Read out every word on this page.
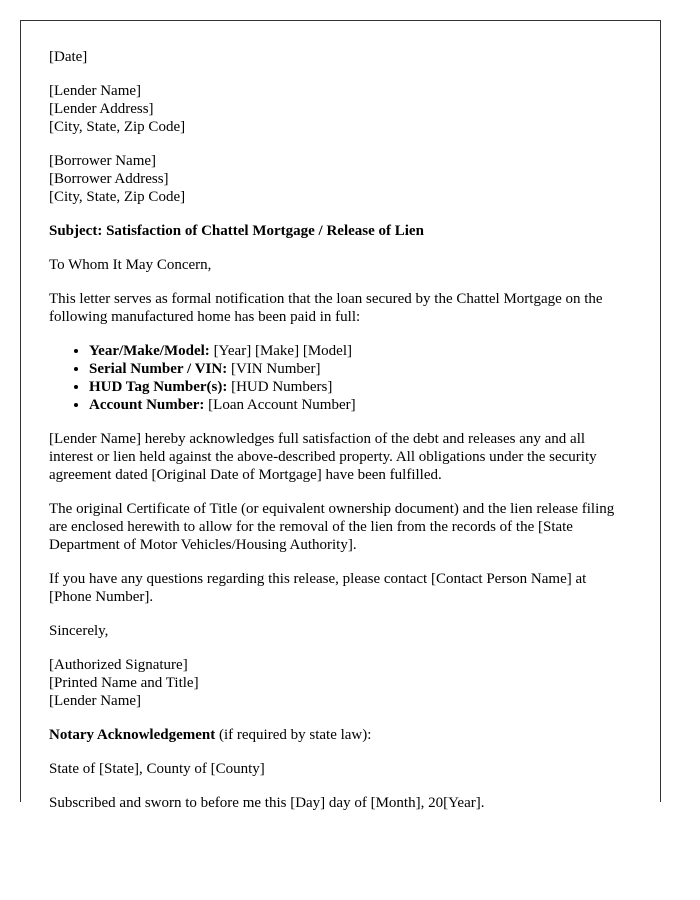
[Date]

[Lender Name]
[Lender Address]
[City, State, Zip Code]

[Borrower Name]
[Borrower Address]
[City, State, Zip Code]

Subject: Satisfaction of Chattel Mortgage / Release of Lien

To Whom It May Concern,

This letter serves as formal notification that the loan secured by the Chattel Mortgage on the following manufactured home has been paid in full:

• Year/Make/Model: [Year] [Make] [Model]
• Serial Number / VIN: [VIN Number]
• HUD Tag Number(s): [HUD Numbers]
• Account Number: [Loan Account Number]

[Lender Name] hereby acknowledges full satisfaction of the debt and releases any and all interest or lien held against the above-described property. All obligations under the security agreement dated [Original Date of Mortgage] have been fulfilled.

The original Certificate of Title (or equivalent ownership document) and the lien release filing are enclosed herewith to allow for the removal of the lien from the records of the [State Department of Motor Vehicles/Housing Authority].

If you have any questions regarding this release, please contact [Contact Person Name] at [Phone Number].

Sincerely,

[Authorized Signature]
[Printed Name and Title]
[Lender Name]

Notary Acknowledgement (if required by state law):

State of [State], County of [County]

Subscribed and sworn to before me this [Day] day of [Month], 20[Year].
